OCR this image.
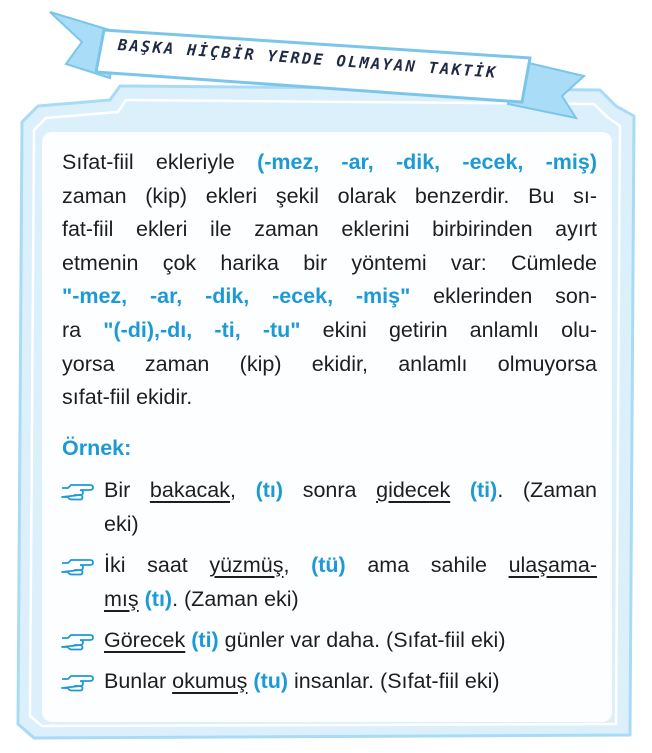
BAŞKA HİÇBİR YERDE OLMAYAN TAKTİK
Sıfat-fiil ekleriyle (-mez, -ar, -dik, -ecek, -miş)
zaman (kip) ekleri şekil olarak benzerdir. Bu sı-
fat-fiil ekleri ile zaman eklerini birbirinden ayırt
etmenin çok harika bir yöntemi var: Cümlede
"-mez, -ar, -dik, -ecek, -miş" eklerinden son-
ra "(-di),-dı, -ti, -tu" ekini getirin anlamlı olu-
yorsa zaman (kip) ekidir, anlamlı olmuyorsa
sıfat-fiil ekidir.
Örnek:
Bir bakacak, (tı) sonra gidecek (ti). (Zaman
eki)
İki saat yüzmüş, (tü) ama sahile ulaşama-
mış (tı). (Zaman eki)
Görecek (ti) günler var daha. (Sıfat-fiil eki)
Bunlar okumuş (tu) insanlar. (Sıfat-fiil eki)
